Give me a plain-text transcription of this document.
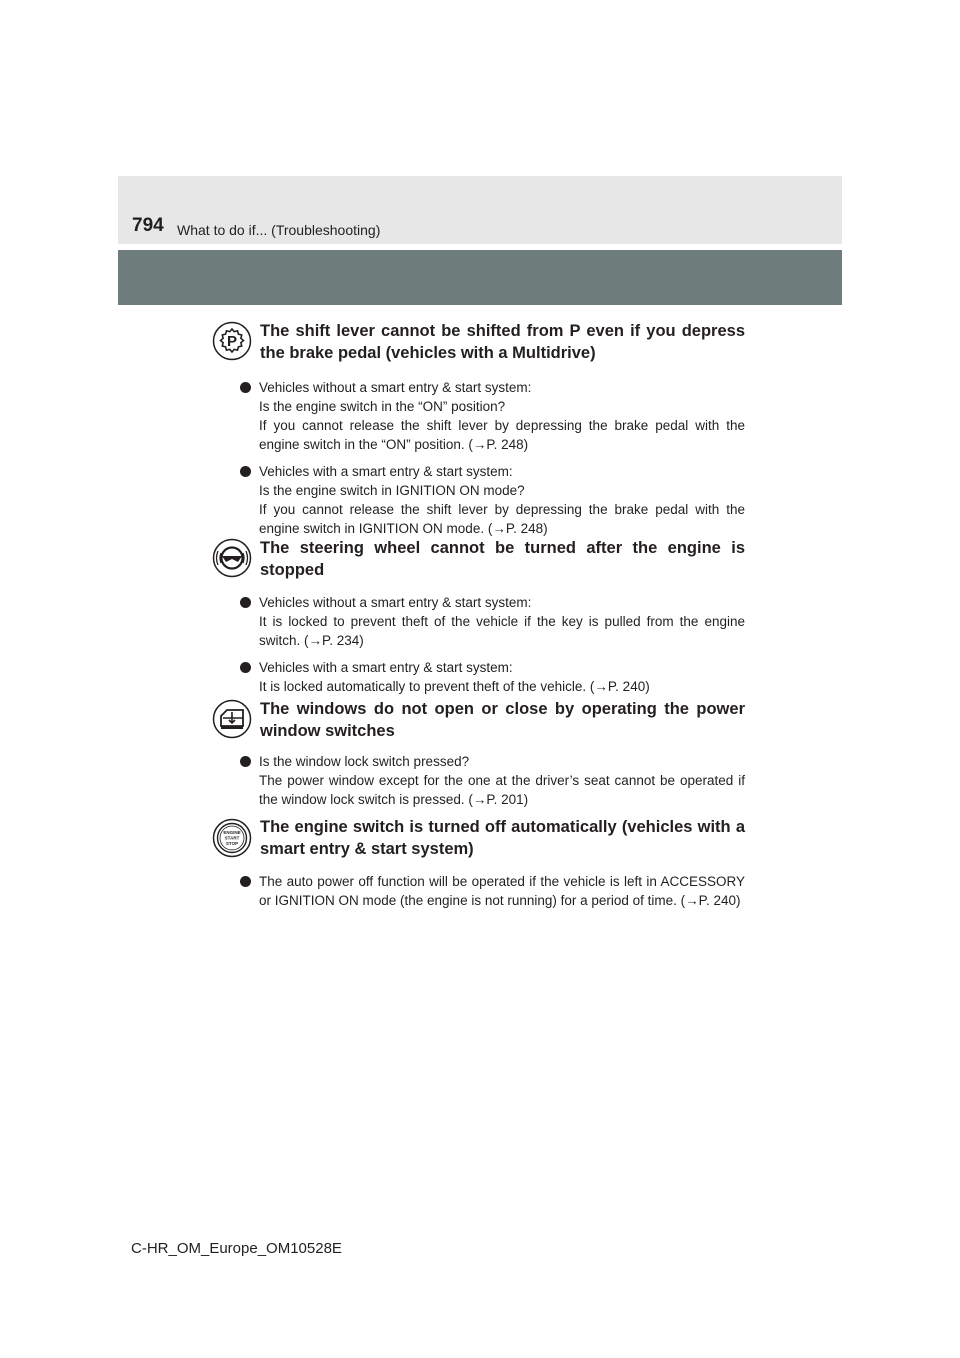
794 What to do if... (Troubleshooting)
P
The shift lever cannot be shifted from P even if you depress the brake pedal (vehicles with a Multidrive)
Vehicles without a smart entry & start system:
Is the engine switch in the “ON” position?
If you cannot release the shift lever by depressing the brake pedal with the engine switch in the “ON” position. (→P. 248)
Vehicles with a smart entry & start system:
Is the engine switch in IGNITION ON mode?
If you cannot release the shift lever by depressing the brake pedal with the engine switch in IGNITION ON mode. (→P. 248)
The steering wheel cannot be turned after the engine is stopped
Vehicles without a smart entry & start system:
It is locked to prevent theft of the vehicle if the key is pulled from the engine switch. (→P. 234)
Vehicles with a smart entry & start system:
It is locked automatically to prevent theft of the vehicle. (→P. 240)
The windows do not open or close by operating the power window switches
Is the window lock switch pressed?
The power window except for the one at the driver’s seat cannot be operated if the window lock switch is pressed. (→P. 201)
ENGINE
START
STOP
The engine switch is turned off automatically (vehicles with a smart entry & start system)
The auto power off function will be operated if the vehicle is left in ACCESSORY or IGNITION ON mode (the engine is not running) for a period of time. (→P. 240)
C-HR_OM_Europe_OM10528E
